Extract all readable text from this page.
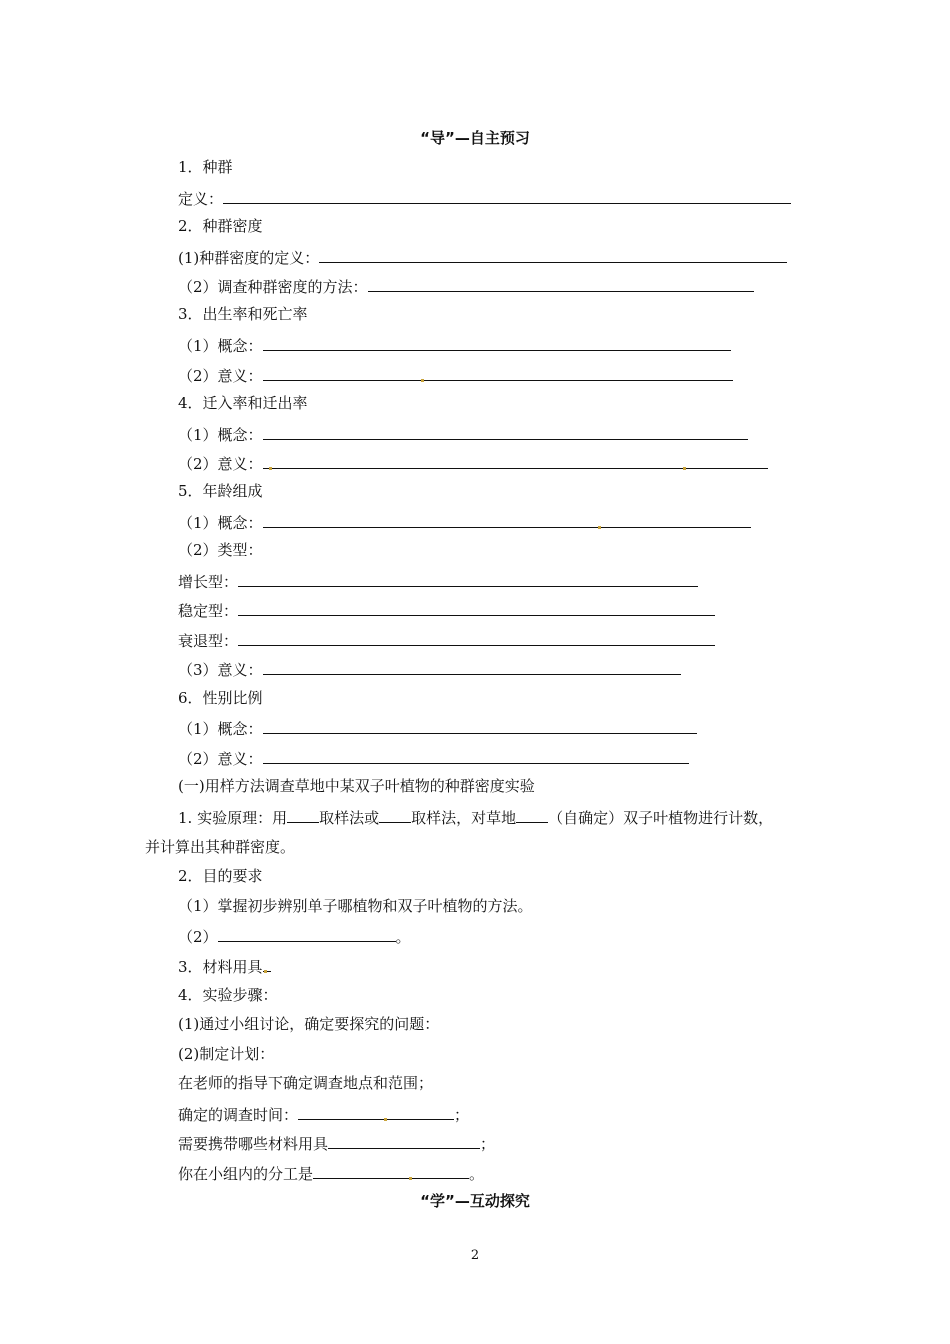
“导”—自主预习
1．种群
定义：
2．种群密度
(1)种群密度的定义：
（2）调查种群密度的方法：
3．出生率和死亡率
（1）概念：
（2）意义：
4．迁入率和迁出率
（1）概念：
（2）意义：
5．年龄组成
（1）概念：
（2）类型：
增长型：
稳定型：
衰退型：
（3）意义：
6．性别比例
（1）概念：
（2）意义：
(一)用样方法调查草地中某双子叶植物的种群密度实验
1. 实验原理：用 取样法或 取样法，对草地 （自确定）双子叶植物进行计数，
并计算出其种群密度。
2．目的要求
（1）掌握初步辨别单子哪植物和双子叶植物的方法。
（2）	。
3．材料用具
4．实验步骤：
(1)通过小组讨论，确定要探究的问题：
(2)制定计划：
在老师的指导下确定调查地点和范围；
确定的调查时间：	；
需要携带哪些材料用具	；
你在小组内的分工是	。
“学”—互动探究
2
